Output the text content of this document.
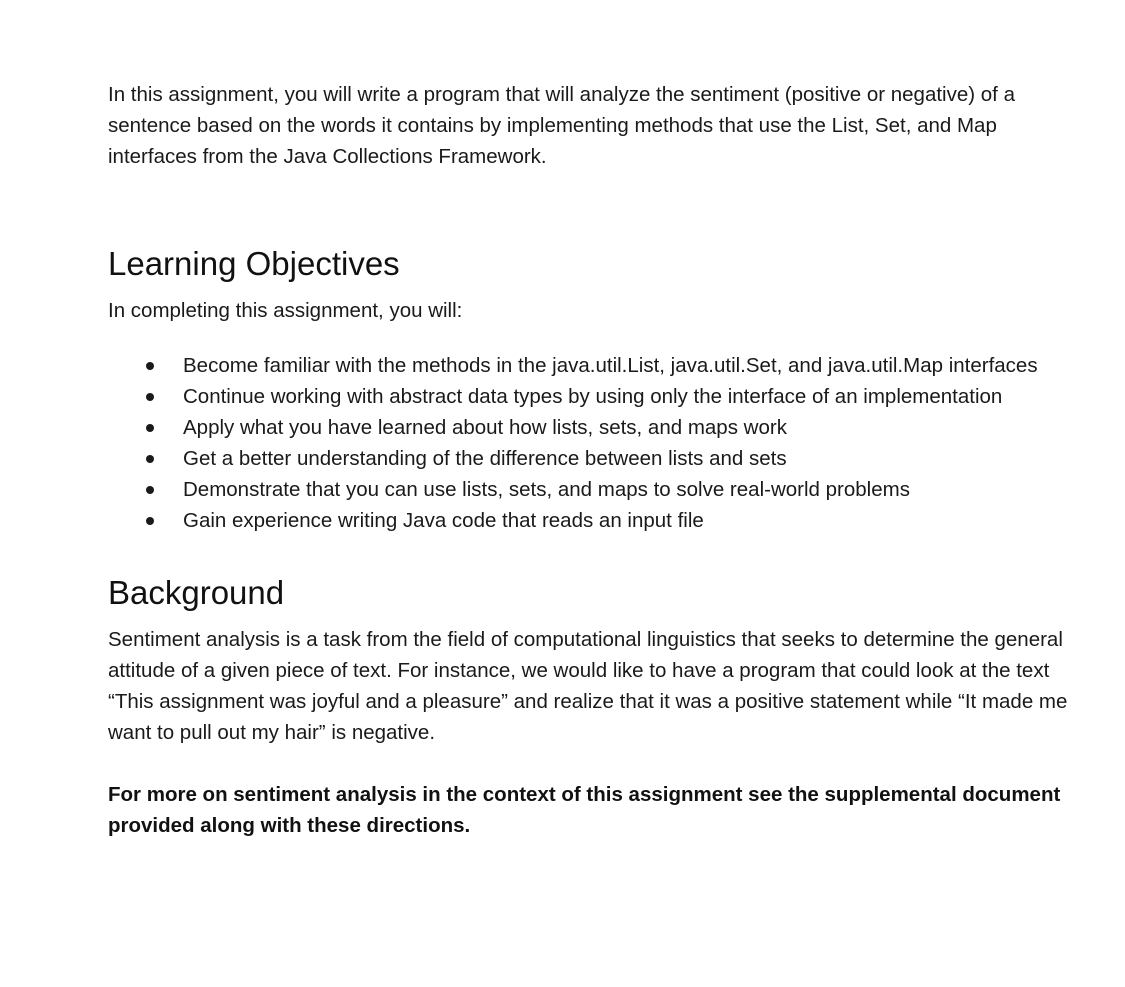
In this assignment, you will write a program that will analyze the sentiment (positive or negative) of a sentence based on the words it contains by implementing methods that use the List, Set, and Map interfaces from the Java Collections Framework.

Learning Objectives

In completing this assignment, you will:

Become familiar with the methods in the java.util.List, java.util.Set, and java.util.Map interfaces
Continue working with abstract data types by using only the interface of an implementation
Apply what you have learned about how lists, sets, and maps work
Get a better understanding of the difference between lists and sets
Demonstrate that you can use lists, sets, and maps to solve real-world problems
Gain experience writing Java code that reads an input file
Background

Sentiment analysis is a task from the field of computational linguistics that seeks to determine the general attitude of a given piece of text. For instance, we would like to have a program that could look at the text “This assignment was joyful and a pleasure” and realize that it was a positive statement while “It made me want to pull out my hair” is negative.

For more on sentiment analysis in the context of this assignment see the supplemental document provided along with these directions.
